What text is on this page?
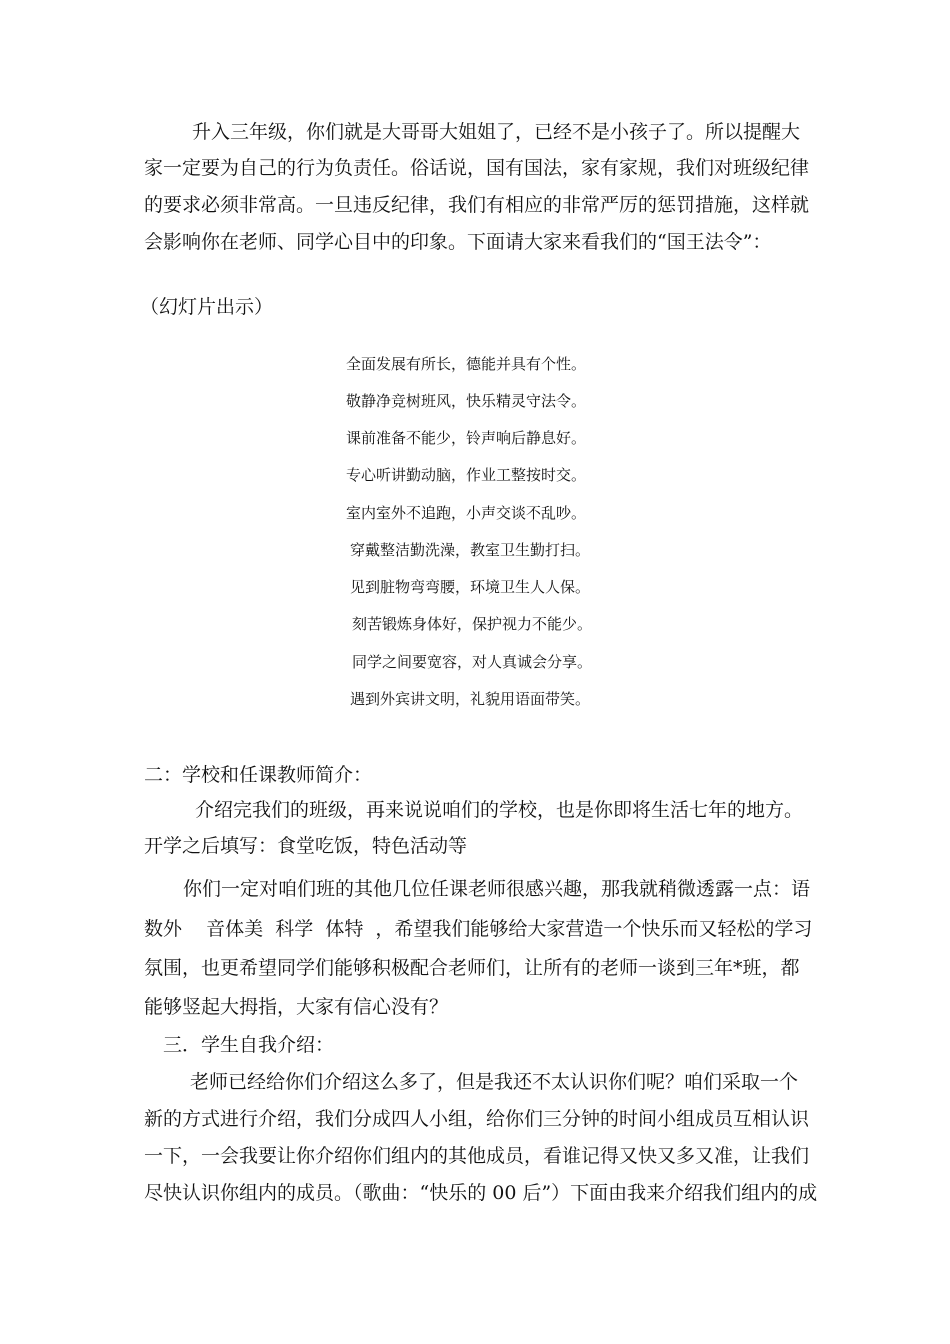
升入三年级，你们就是大哥哥大姐姐了，已经不是小孩子了。所以提醒大
家一定要为自己的行为负责任。俗话说，国有国法，家有家规，我们对班级纪律
的要求必须非常高。一旦违反纪律，我们有相应的非常严厉的惩罚措施，这样就
会影响你在老师、同学心目中的印象。下面请大家来看我们的“国王法令”：
（幻灯片出示）
全面发展有所长，德能并具有个性。
敬静净竞树班风，快乐精灵守法令。
课前准备不能少，铃声响后静息好。
专心听讲勤动脑，作业工整按时交。
室内室外不追跑，小声交谈不乱吵。
穿戴整洁勤洗澡，教室卫生勤打扫。
见到脏物弯弯腰，环境卫生人人保。
刻苦锻炼身体好，保护视力不能少。
同学之间要宽容，对人真诚会分享。
遇到外宾讲文明，礼貌用语面带笑。
二：学校和任课教师简介：
介绍完我们的班级，再来说说咱们的学校，也是你即将生活七年的地方。
开学之后填写：食堂吃饭，特色活动等
你们一定对咱们班的其他几位任课老师很感兴趣，那我就稍微透露一点：语
数外    音体美  科学  体特  ，希望我们能够给大家营造一个快乐而又轻松的学习
氛围，也更希望同学们能够积极配合老师们，让所有的老师一谈到三年*班，都
能够竖起大拇指，大家有信心没有？
三．学生自我介绍：
老师已经给你们介绍这么多了，但是我还不太认识你们呢？咱们采取一个
新的方式进行介绍，我们分成四人小组，给你们三分钟的时间小组成员互相认识
一下，一会我要让你介绍你们组内的其他成员，看谁记得又快又多又准，让我们
尽快认识你组内的成员。（歌曲：“快乐的 00 后”）下面由我来介绍我们组内的成
